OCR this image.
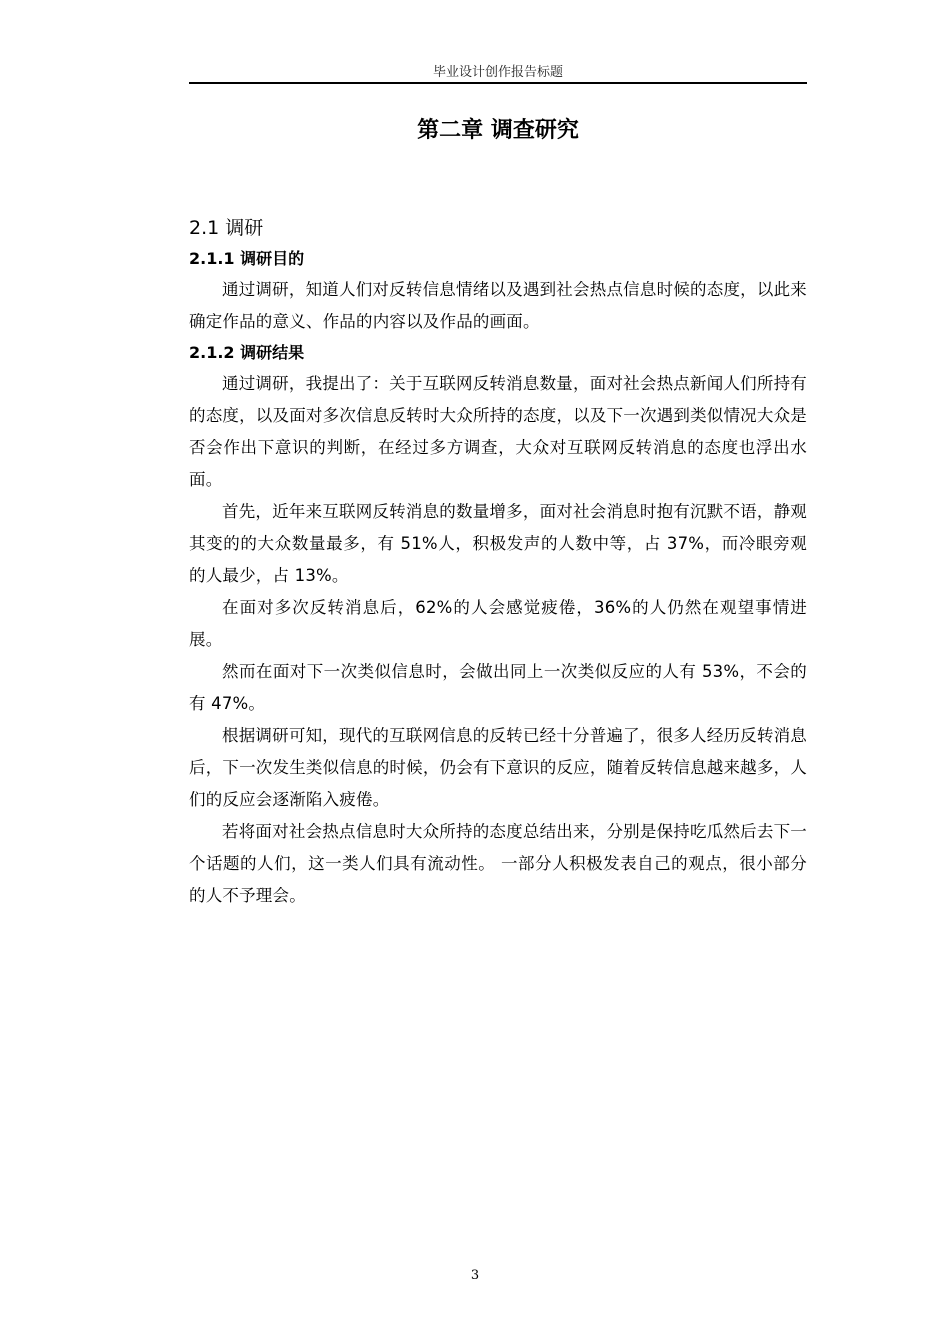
毕业设计创作报告标题
第二章 调查研究
2.1 调研
2.1.1 调研目的

通过调研，知道人们对反转信息情绪以及遇到社会热点信息时候的态度，以此来确定作品的意义、作品的内容以及作品的画面。

2.1.2 调研结果

通过调研，我提出了：关于互联网反转消息数量，面对社会热点新闻人们所持有的态度，以及面对多次信息反转时大众所持的态度，以及下一次遇到类似情况大众是否会作出下意识的判断，在经过多方调查，大众对互联网反转消息的态度也浮出水面。

首先，近年来互联网反转消息的数量增多，面对社会消息时抱有沉默不语，静观其变的的大众数量最多，有 51%人，积极发声的人数中等，占 37%，而冷眼旁观的人最少，占 13%。

在面对多次反转消息后，62%的人会感觉疲倦，36%的人仍然在观望事情进展。

然而在面对下一次类似信息时，会做出同上一次类似反应的人有 53%，不会的有 47%。

根据调研可知，现代的互联网信息的反转已经十分普遍了，很多人经历反转消息后，下一次发生类似信息的时候，仍会有下意识的反应，随着反转信息越来越多，人们的反应会逐渐陷入疲倦。

若将面对社会热点信息时大众所持的态度总结出来，分别是保持吃瓜然后去下一个话题的人们，这一类人们具有流动性。 一部分人积极发表自己的观点，很小部分的人不予理会。

3
